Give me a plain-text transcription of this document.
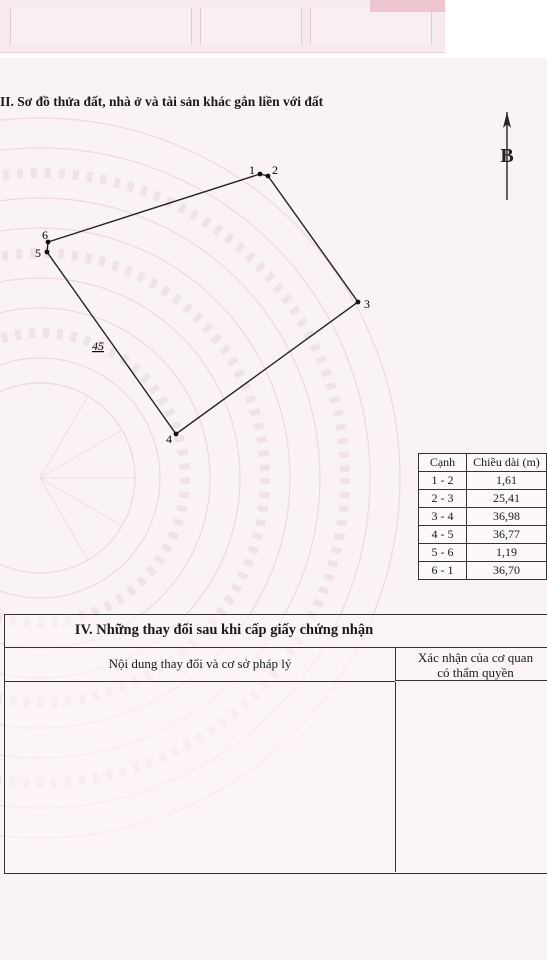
II. Sơ đồ thửa đất, nhà ở và tài sản khác gắn liền với đất
B
1 2
3
4
5
6
45
Cạnh	Chiều dài (m)
1 - 2	1,61
2 - 3	25,41
3 - 4	36,98
4 - 5	36,77
5 - 6	1,19
6 - 1	36,70
IV. Những thay đổi sau khi cấp giấy chứng nhận
Nội dung thay đổi và cơ sở pháp lý	Xác nhận của cơ quan
có thẩm quyền
